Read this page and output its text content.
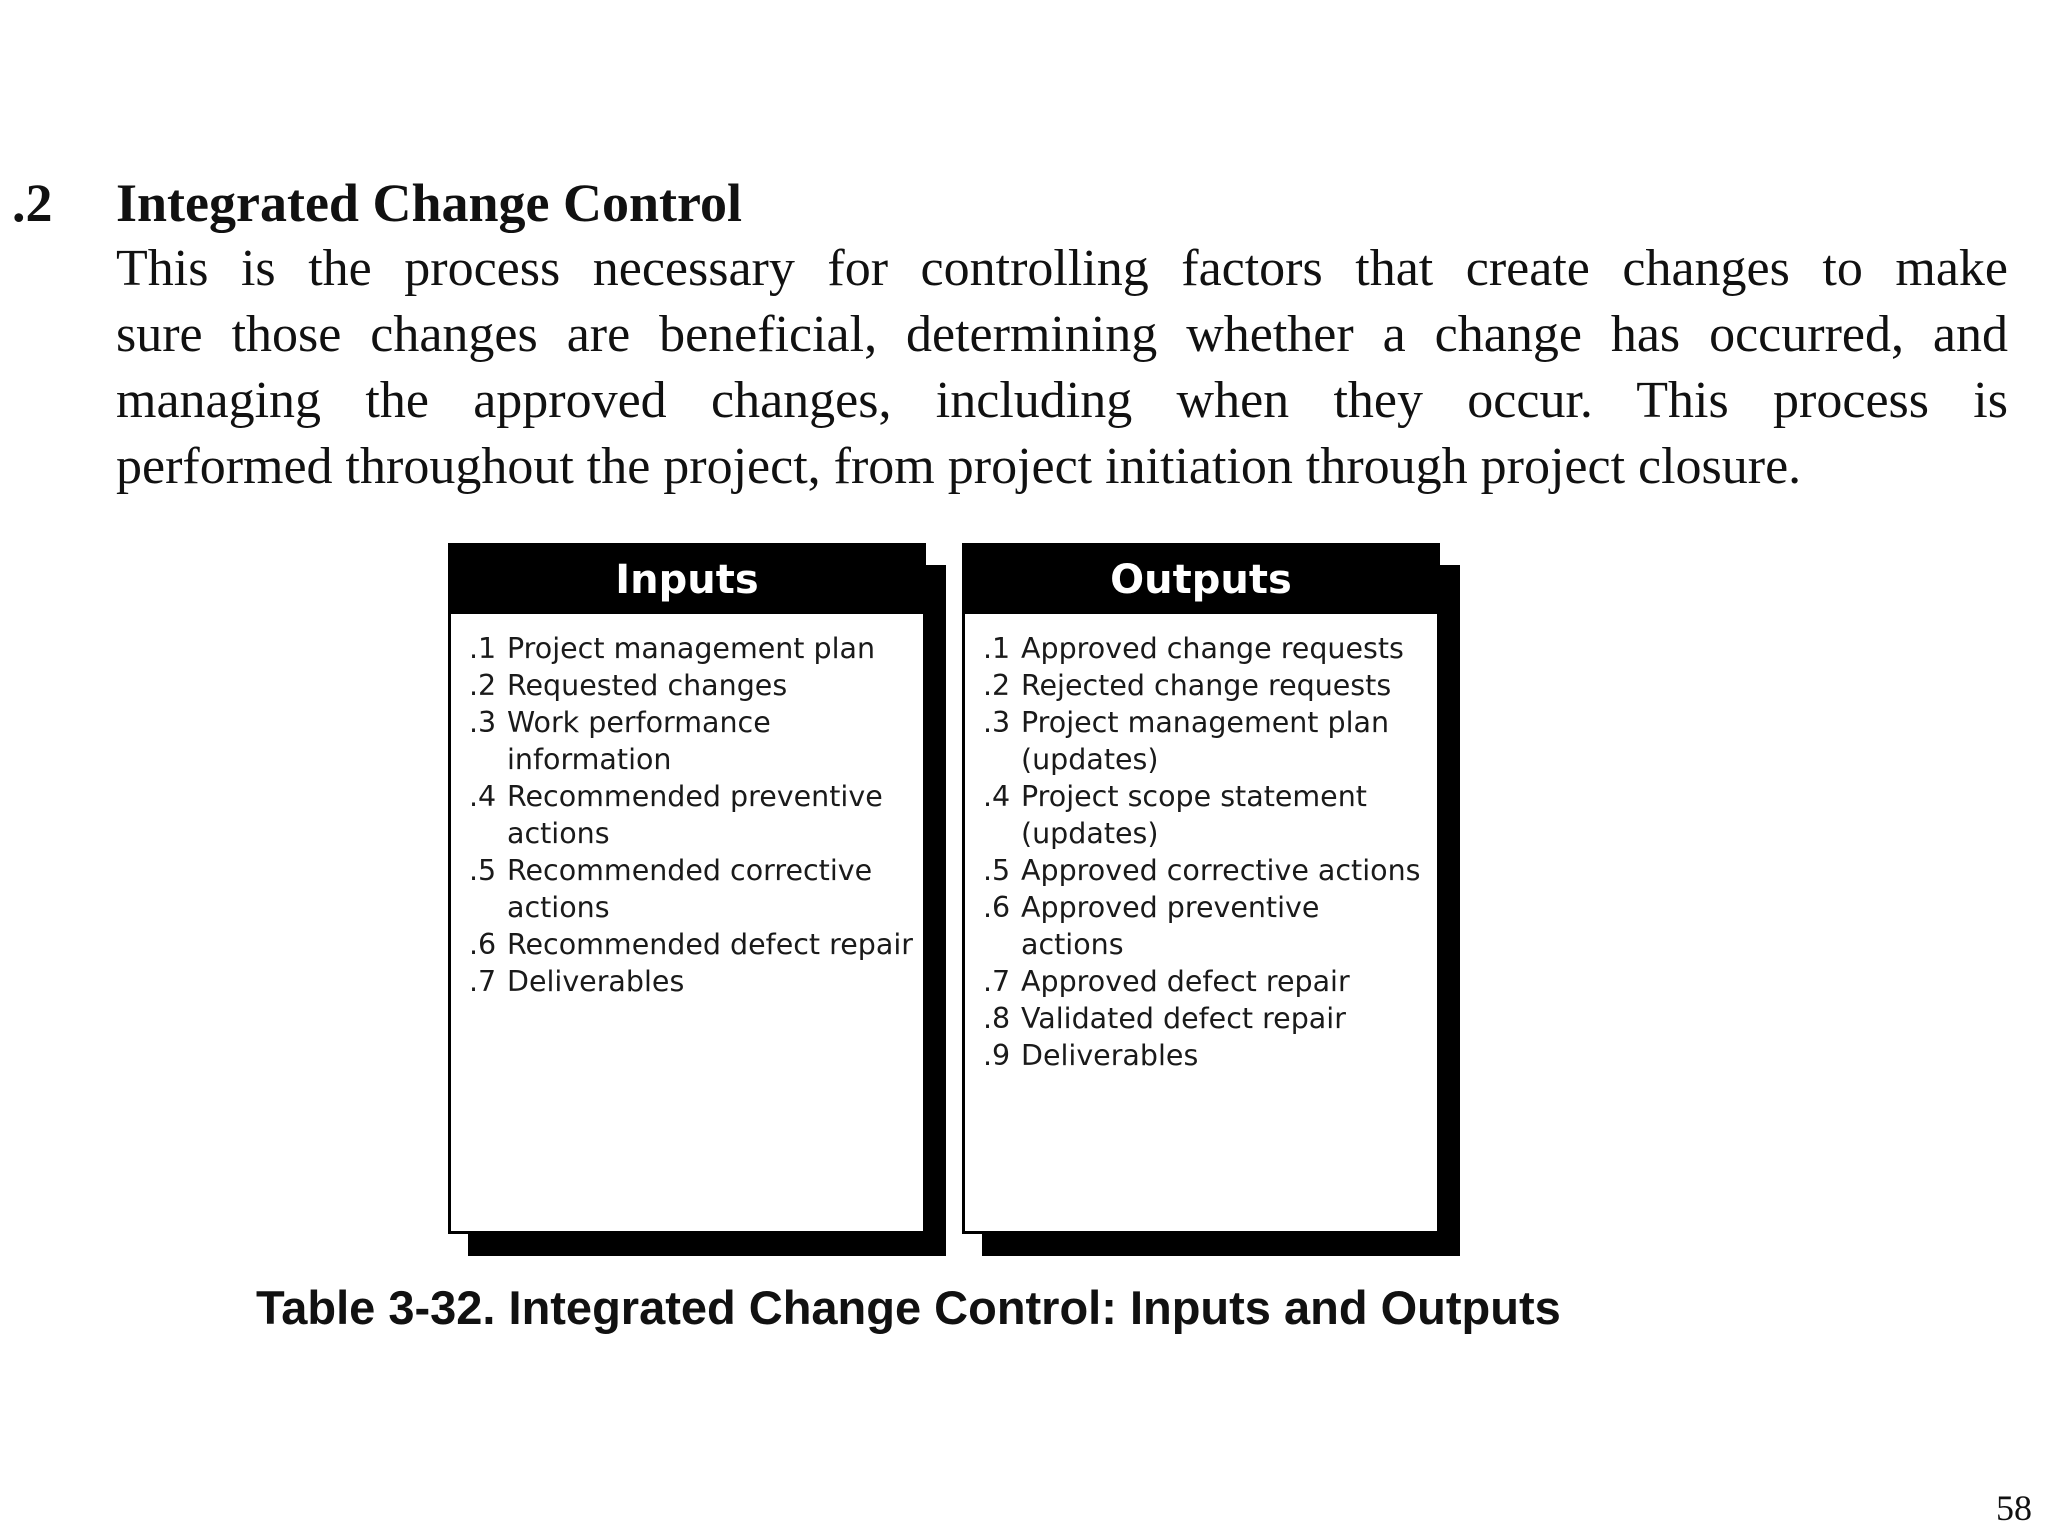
.2 Integrated Change Control
This is the process necessary for controlling factors that create changes to make
sure those changes are beneficial, determining whether a change has occurred, and
managing the approved changes, including when they occur. This process is
performed throughout the project, from project initiation through project closure.
Inputs
.1 Project management plan
.2 Requested changes
.3 Work performance information
.4 Recommended preventive actions
.5 Recommended corrective actions
.6 Recommended defect repair
.7 Deliverables
Outputs
.1 Approved change requests
.2 Rejected change requests
.3 Project management plan (updates)
.4 Project scope statement (updates)
.5 Approved corrective actions
.6 Approved preventive actions
.7 Approved defect repair
.8 Validated defect repair
.9 Deliverables
Table 3-32. Integrated Change Control: Inputs and Outputs
58
